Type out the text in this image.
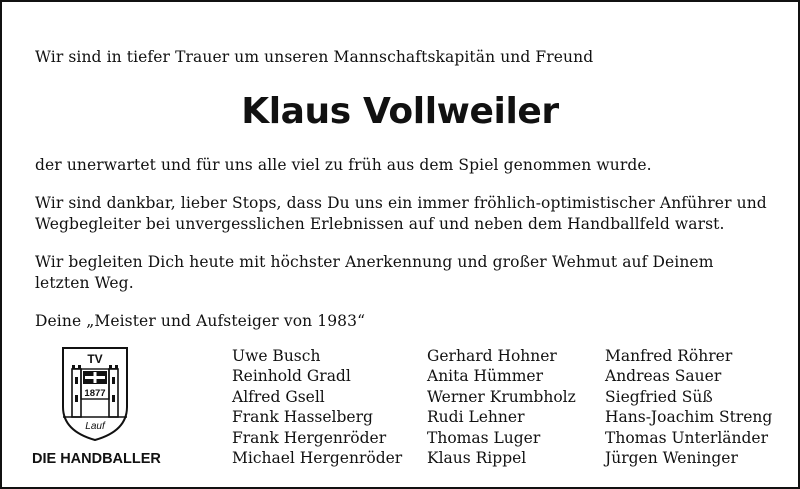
Wir sind in tiefer Trauer um unseren Mannschaftskapitän und Freund

Klaus Vollweiler

der unerwartet und für uns alle viel zu früh aus dem Spiel genommen wurde.

Wir sind dankbar, lieber Stops, dass Du uns ein immer fröhlich-optimistischer Anführer und Wegbegleiter bei unvergesslichen Erlebnissen auf und neben dem Handballfeld warst.

Wir begleiten Dich heute mit höchster Anerkennung und großer Wehmut auf Deinem letzten Weg.

Deine „Meister und Aufsteiger von 1983“

TV
1877
Lauf

DIE HANDBALLER

Uwe Busch
Reinhold Gradl
Alfred Gsell
Frank Hasselberg
Frank Hergenröder
Michael Hergenröder
Gerhard Hohner
Anita Hümmer
Werner Krumbholz
Rudi Lehner
Thomas Luger
Klaus Rippel
Manfred Röhrer
Andreas Sauer
Siegfried Süß
Hans-Joachim Streng
Thomas Unterländer
Jürgen Weninger
